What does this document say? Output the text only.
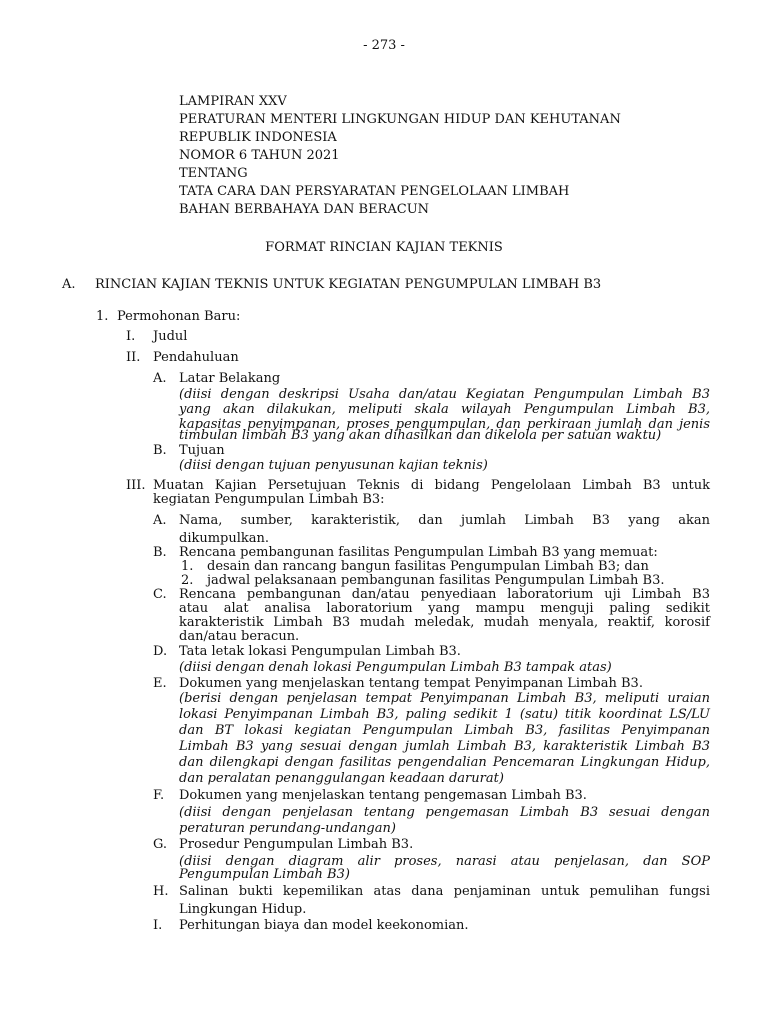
- 273 -
LAMPIRAN XXV
PERATURAN MENTERI LINGKUNGAN HIDUP DAN KEHUTANAN
REPUBLIK INDONESIA
NOMOR 6 TAHUN 2021
TENTANG
TATA CARA DAN PERSYARATAN PENGELOLAAN LIMBAH
BAHAN BERBAHAYA DAN BERACUN
FORMAT RINCIAN KAJIAN TEKNIS
A. RINCIAN KAJIAN TEKNIS UNTUK KEGIATAN PENGUMPULAN LIMBAH B3
1. Permohonan Baru:
I. Judul
II. Pendahuluan
A. Latar Belakang
(diisi dengan deskripsi Usaha dan/atau Kegiatan Pengumpulan Limbah B3
yang akan dilakukan, meliputi skala wilayah Pengumpulan Limbah B3,
kapasitas penyimpanan, proses pengumpulan, dan perkiraan jumlah dan jenis
timbulan limbah B3 yang akan dihasilkan dan dikelola per satuan waktu)
B. Tujuan
(diisi dengan tujuan penyusunan kajian teknis)
III. Muatan Kajian Persetujuan Teknis di bidang Pengelolaan Limbah B3 untuk
kegiatan Pengumpulan Limbah B3:
A. Nama, sumber, karakteristik, dan jumlah Limbah B3 yang akan
dikumpulkan.
B. Rencana pembangunan fasilitas Pengumpulan Limbah B3 yang memuat:
1. desain dan rancang bangun fasilitas Pengumpulan Limbah B3; dan
2. jadwal pelaksanaan pembangunan fasilitas Pengumpulan Limbah B3.
C. Rencana pembangunan dan/atau penyediaan laboratorium uji Limbah B3
atau alat analisa laboratorium yang mampu menguji paling sedikit
karakteristik Limbah B3 mudah meledak, mudah menyala, reaktif, korosif
dan/atau beracun.
D. Tata letak lokasi Pengumpulan Limbah B3.
(diisi dengan denah lokasi Pengumpulan Limbah B3 tampak atas)
E. Dokumen yang menjelaskan tentang tempat Penyimpanan Limbah B3.
(berisi dengan penjelasan tempat Penyimpanan Limbah B3, meliputi uraian
lokasi Penyimpanan Limbah B3, paling sedikit 1 (satu) titik koordinat LS/LU
dan BT lokasi kegiatan Pengumpulan Limbah B3, fasilitas Penyimpanan
Limbah B3 yang sesuai dengan jumlah Limbah B3, karakteristik Limbah B3
dan dilengkapi dengan fasilitas pengendalian Pencemaran Lingkungan Hidup,
dan peralatan penanggulangan keadaan darurat)
F. Dokumen yang menjelaskan tentang pengemasan Limbah B3.
(diisi dengan penjelasan tentang pengemasan Limbah B3 sesuai dengan
peraturan perundang-undangan)
G. Prosedur Pengumpulan Limbah B3.
(diisi dengan diagram alir proses, narasi atau penjelasan, dan SOP
Pengumpulan Limbah B3)
H. Salinan bukti kepemilikan atas dana penjaminan untuk pemulihan fungsi
Lingkungan Hidup.
I. Perhitungan biaya dan model keekonomian.
